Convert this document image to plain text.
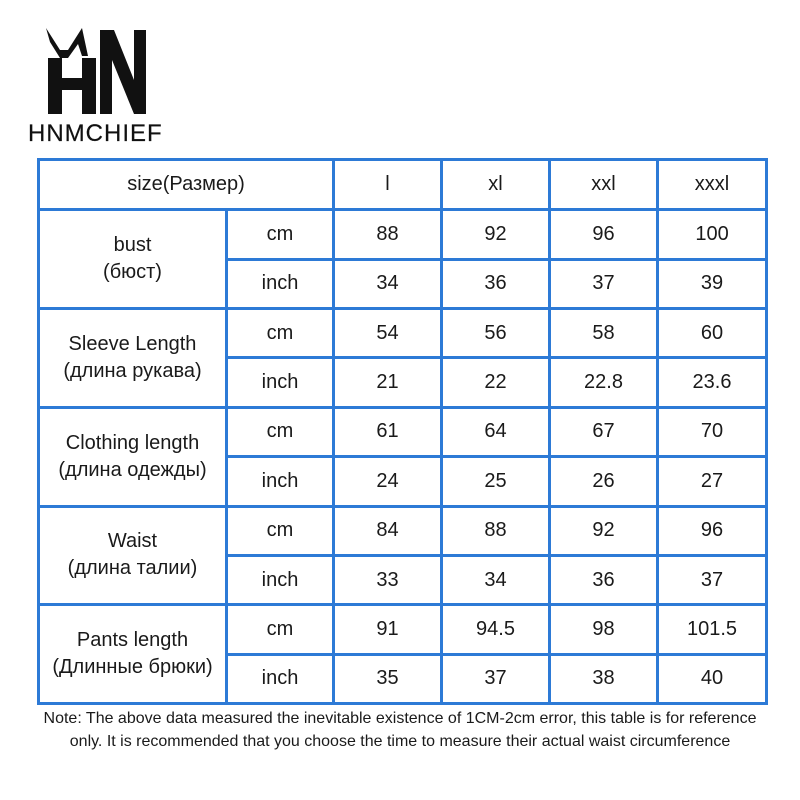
HNMCHIEF
size(Размер)		l	xl	xxl	xxxl

bust
(бюст)	cm	88	92	96	100
	inch	34	36	37	39

Sleeve Length
(длина рукава)	cm	54	56	58	60
	inch	21	22	22.8	23.6

Clothing length
(длина одежды)	cm	61	64	67	70
	inch	24	25	26	27

Waist
(длина талии)	cm	84	88	92	96
	inch	33	34	36	37

Pants length
(Длинные брюки)	cm	91	94.5	98	101.5
	inch	35	37	38	40
Note: The above data measured the inevitable existence of 1CM-2cm error, this table is for reference only. It is recommended that you choose the time to measure their actual waist circumference
